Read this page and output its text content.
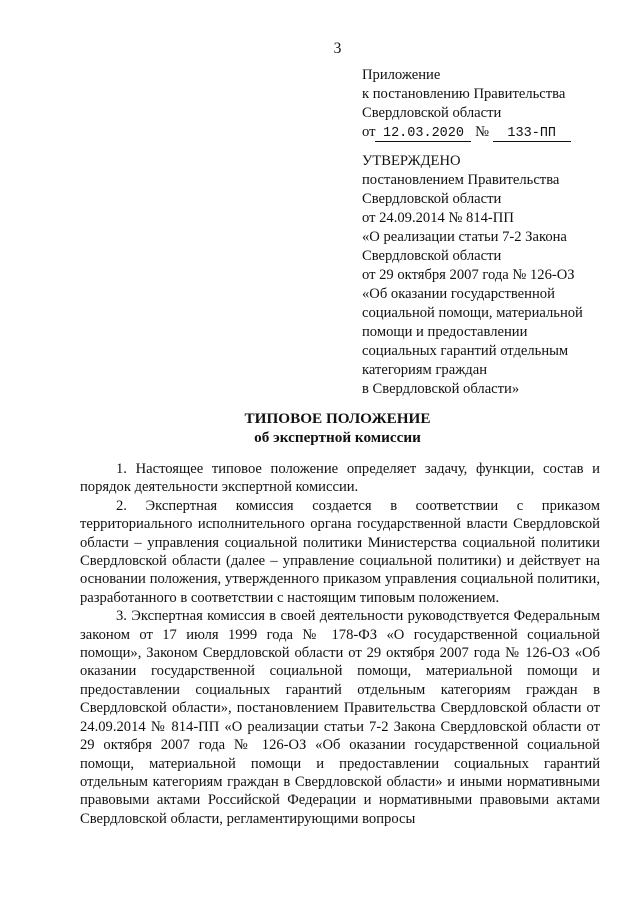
3
Приложение
к постановлению Правительства
Свердловской области
от 12.03.2020 № 133-ПП
УТВЕРЖДЕНО
постановлением Правительства
Свердловской области
от 24.09.2014 № 814-ПП
«О реализации статьи 7-2 Закона
Свердловской области
от 29 октября 2007 года № 126-ОЗ
«Об оказании государственной
социальной помощи, материальной
помощи и предоставлении
социальных гарантий отдельным
категориям граждан
в Свердловской области»
ТИПОВОЕ ПОЛОЖЕНИЕ
об экспертной комиссии

1. Настоящее типовое положение определяет задачу, функции, состав и порядок деятельности экспертной комиссии.

2. Экспертная комиссия создается в соответствии с приказом территориального исполнительного органа государственной власти Свердловской области – управления социальной политики Министерства социальной политики Свердловской области (далее – управление социальной политики) и действует на основании положения, утвержденного приказом управления социальной политики, разработанного в соответствии с настоящим типовым положением.

3. Экспертная комиссия в своей деятельности руководствуется Федеральным законом от 17 июля 1999 года № 178-ФЗ «О государственной социальной помощи», Законом Свердловской области от 29 октября 2007 года № 126-ОЗ «Об оказании государственной социальной помощи, материальной помощи и предоставлении социальных гарантий отдельным категориям граждан в Свердловской области», постановлением Правительства Свердловской области от 24.09.2014 № 814-ПП «О реализации статьи 7-2 Закона Свердловской области от 29 октября 2007 года № 126-ОЗ «Об оказании государственной социальной помощи, материальной помощи и предоставлении социальных гарантий отдельным категориям граждан в Свердловской области» и иными нормативными правовыми актами Российской Федерации и нормативными правовыми актами Свердловской области, регламентирующими вопросы
